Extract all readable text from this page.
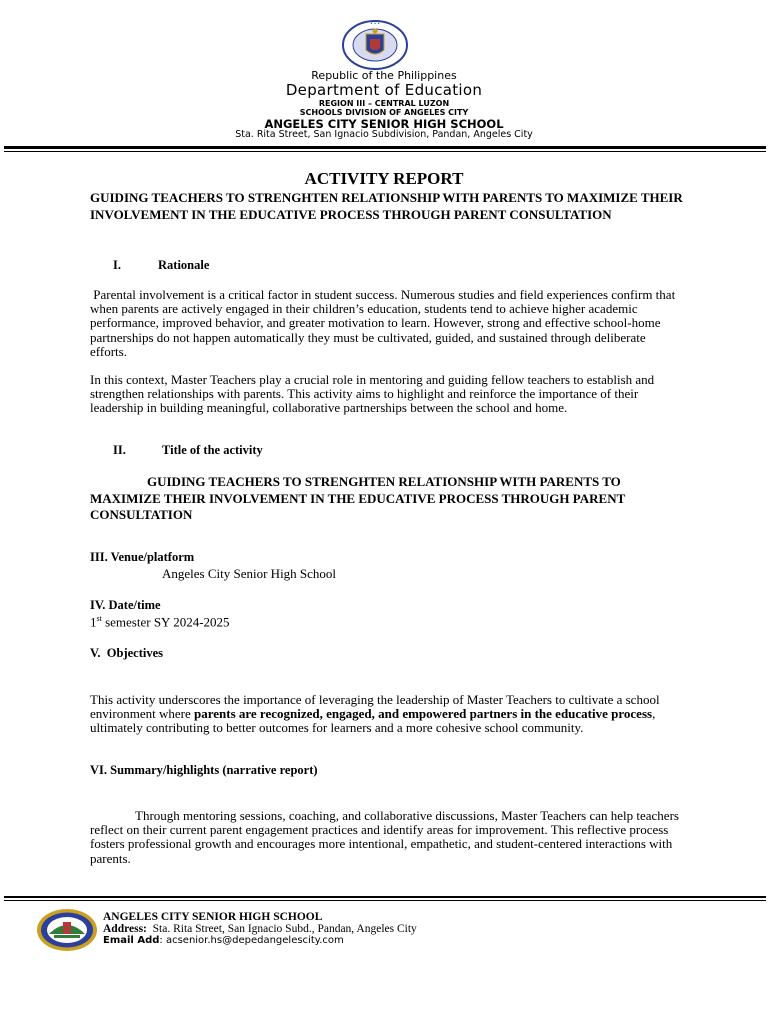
• • •
Republic of the Philippines
Department of Education
REGION III – CENTRAL LUZON
SCHOOLS DIVISION OF ANGELES CITY
ANGELES CITY SENIOR HIGH SCHOOL
Sta. Rita Street, San Ignacio Subdivision, Pandan, Angeles City
ACTIVITY REPORT
GUIDING TEACHERS TO STRENGHTEN RELATIONSHIP WITH PARENTS TO MAXIMIZE THEIR INVOLVEMENT IN THE EDUCATIVE PROCESS THROUGH PARENT CONSULTATION
I.	Rationale
Parental involvement is a critical factor in student success. Numerous studies and field experiences confirm that when parents are actively engaged in their children’s education, students tend to achieve higher academic performance, improved behavior, and greater motivation to learn. However, strong and effective school-home partnerships do not happen automatically they must be cultivated, guided, and sustained through deliberate efforts.
In this context, Master Teachers play a crucial role in mentoring and guiding fellow teachers to establish and strengthen relationships with parents. This activity aims to highlight and reinforce the importance of their leadership in building meaningful, collaborative partnerships between the school and home.
II.	Title of the activity
GUIDING TEACHERS TO STRENGHTEN RELATIONSHIP WITH PARENTS TO MAXIMIZE THEIR INVOLVEMENT IN THE EDUCATIVE PROCESS THROUGH PARENT CONSULTATION
III. Venue/platform
Angeles City Senior High School
IV. Date/time
1st semester SY 2024-2025
V.  Objectives
This activity underscores the importance of leveraging the leadership of Master Teachers to cultivate a school environment where parents are recognized, engaged, and empowered partners in the educative process, ultimately contributing to better outcomes for learners and a more cohesive school community.
VI. Summary/highlights (narrative report)
Through mentoring sessions, coaching, and collaborative discussions, Master Teachers can help teachers reflect on their current parent engagement practices and identify areas for improvement. This reflective process fosters professional growth and encourages more intentional, empathetic, and student-centered interactions with parents.
ANGELES CITY SENIOR HIGH SCHOOL
Address:  Sta. Rita Street, San Ignacio Subd., Pandan, Angeles City
Email Add: acsenior.hs@depedangelescity.com
